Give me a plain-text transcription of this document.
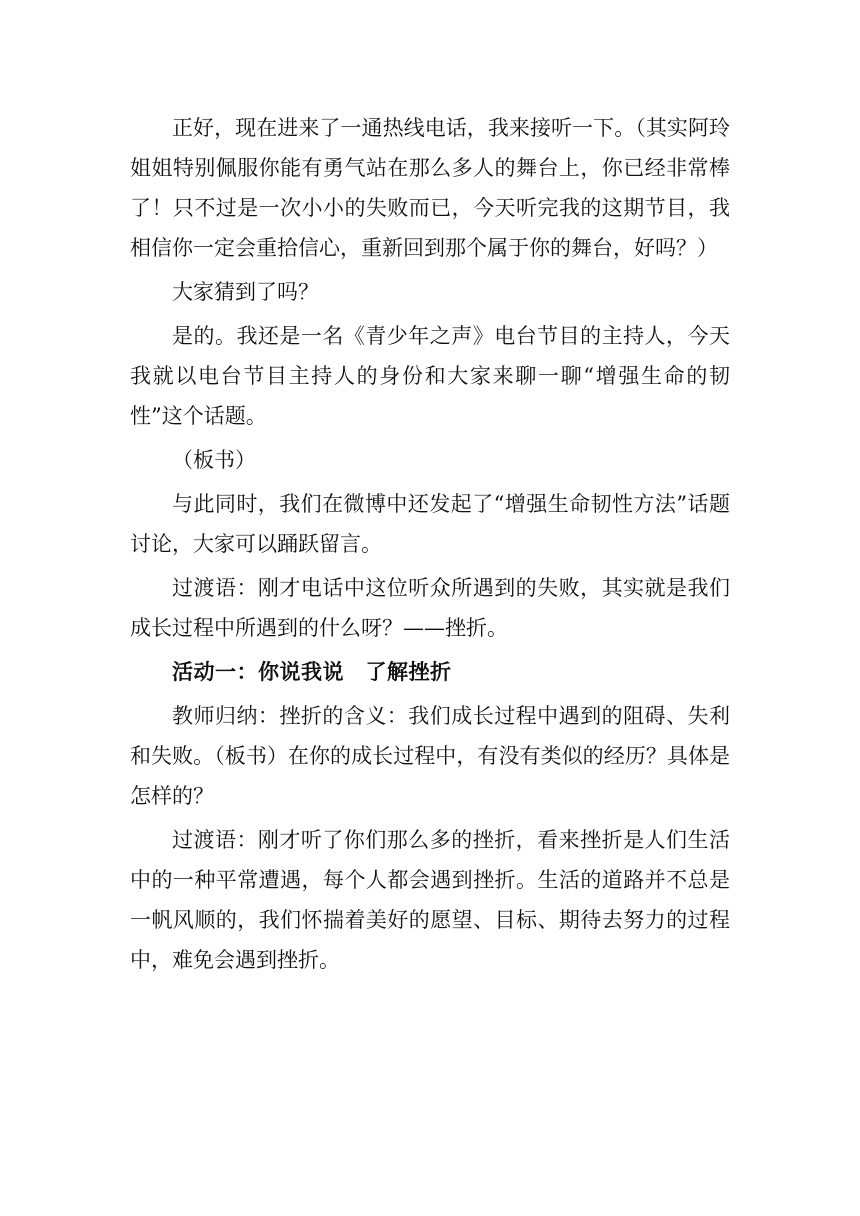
正好，现在进来了一通热线电话，我来接听一下。（其实阿玲姐姐特别佩服你能有勇气站在那么多人的舞台上，你已经非常棒了！只不过是一次小小的失败而已，今天听完我的这期节目，我相信你一定会重拾信心，重新回到那个属于你的舞台，好吗？）

大家猜到了吗？

是的。我还是一名《青少年之声》电台节目的主持人，今天我就以电台节目主持人的身份和大家来聊一聊“增强生命的韧性”这个话题。

（板书）

与此同时，我们在微博中还发起了“增强生命韧性方法”话题讨论，大家可以踊跃留言。

过渡语：刚才电话中这位听众所遇到的失败，其实就是我们成长过程中所遇到的什么呀？——挫折。

活动一：你说我说　了解挫折

教师归纳：挫折的含义：我们成长过程中遇到的阻碍、失利和失败。（板书）在你的成长过程中，有没有类似的经历？具体是怎样的？

过渡语：刚才听了你们那么多的挫折，看来挫折是人们生活中的一种平常遭遇，每个人都会遇到挫折。生活的道路并不总是一帆风顺的，我们怀揣着美好的愿望、目标、期待去努力的过程中，难免会遇到挫折。
